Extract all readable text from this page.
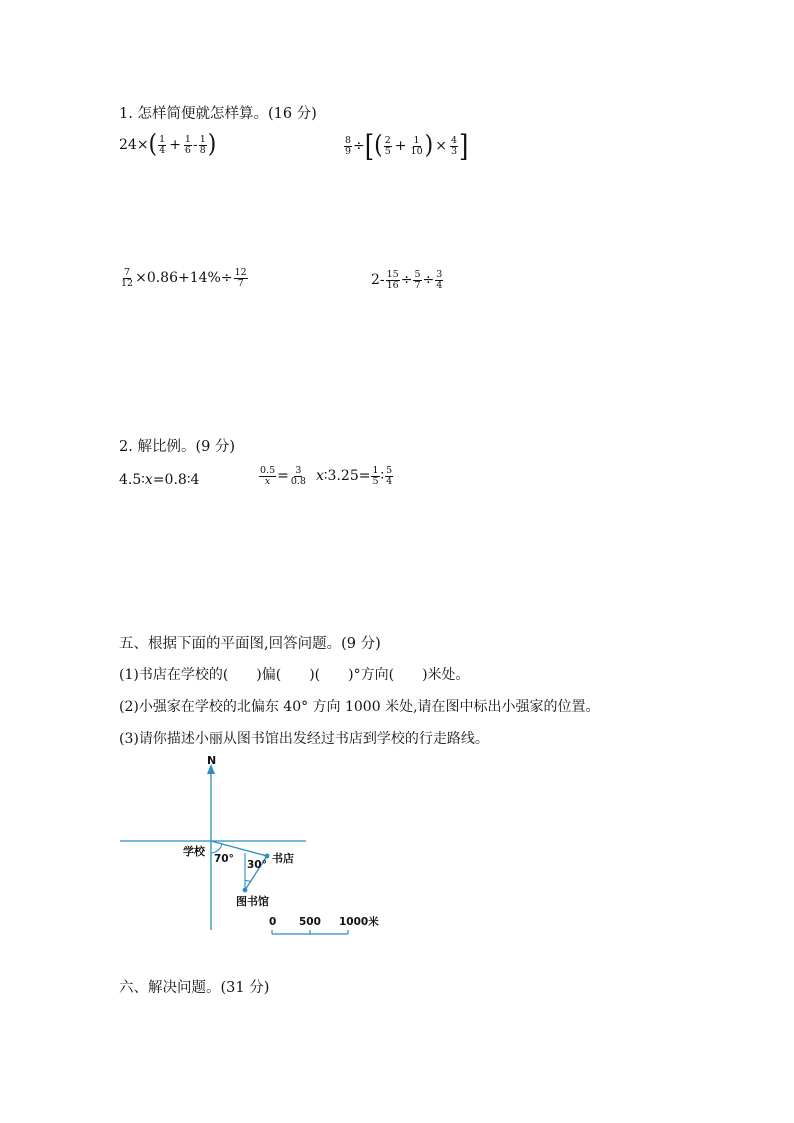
1. 怎样简便就怎样算。(16 分)
24× ( $\frac{1}{4} + \frac{1}{6} - \frac{1}{8}$ )	$\frac{8}{9}$ ÷ [ ( $\frac{2}{5} + \frac{1}{10}$ ) × $\frac{4}{3}$ ]
$\frac{7}{12} \times 0.86+14\%\div \frac{12}{7}$	$2- \frac{15}{16} \div \frac{5}{7} \div \frac{3}{4}$
2. 解比例。(9 分)
4.5∶ x =0.8∶4	$\frac{0.5}{x} = \frac{3}{0.8}$ x ∶3.25= $\frac{1}{5}$ ∶ $\frac{5}{4}$
五、根据下面的平面图,回答问题。(9 分)
(1)书店在学校的(　　)偏(　　)(　　)°方向(　　)米处。
(2)小强家在学校的北偏东 40° 方向 1000 米处,请在图中标出小强家的位置。
(3)请你描述小丽从图书馆出发经过书店到学校的行走路线。
N
学校
70° 30° 书店
图书馆
0 500 1000米
六、解决问题。(31 分)
